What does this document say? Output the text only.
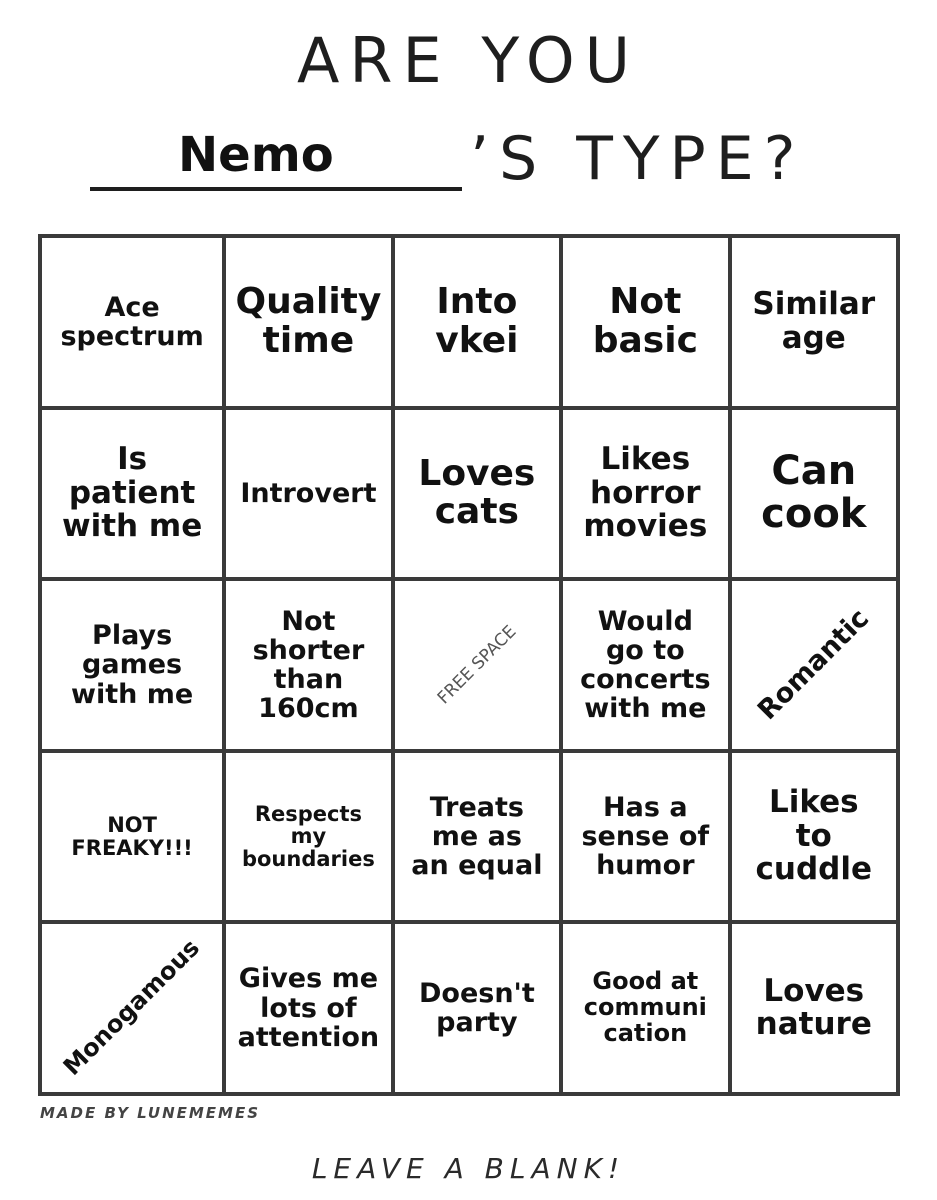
ARE YOU
Nemo ’S TYPE?
Ace
spectrum
Quality
time
Into
vkei
Not
basic
Similar
age
Is
patient
with me
Introvert Loves
cats
Likes
horror
movies
Can
cook
Plays
games
with me
Not
shorter
than
160cm
FREE SPACE
Would
go to
concerts
with me Romantic
NOT
FREAKY!!!
Respects
my
boundaries
Treats
me as
an equal
Has a
sense of
humor
Likes
to
cuddle
Monogamous Gives me
lots of
attention
Doesn't
party
Good at
communi
cation
Loves
nature
MADE BY LUNEMEMES
LEAVE A BLANK!
